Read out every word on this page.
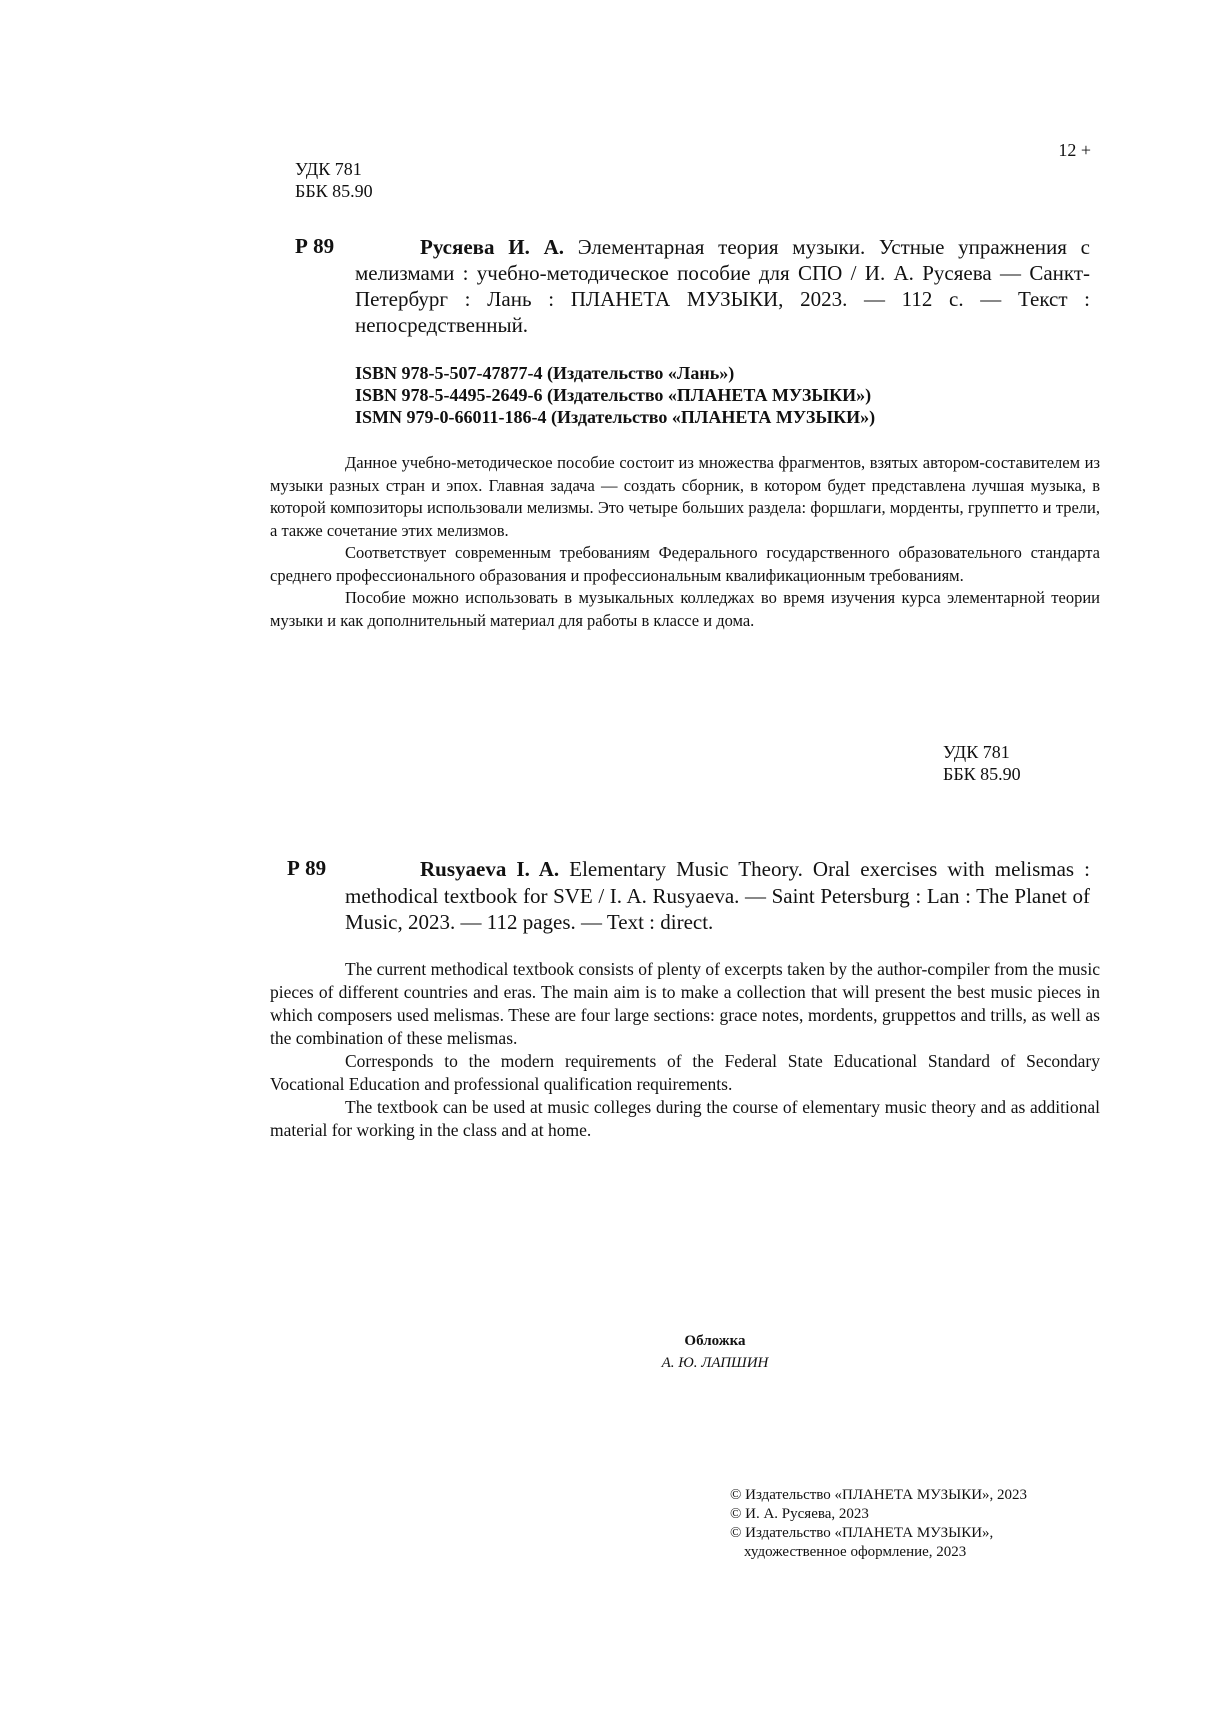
12 +
УДК 781
ББК 85.90
Р 89	Русяева И. А. Элементарная теория музыки. Устные упражнения с мелизмами : учебно-методическое пособие для СПО / И. А. Русяева — Санкт-Петербург : Лань : ПЛАНЕТА МУЗЫКИ, 2023. — 112 с. — Текст : непосредственный.
ISBN 978-5-507-47877-4 (Издательство «Лань»)
ISBN 978-5-4495-2649-6 (Издательство «ПЛАНЕТА МУЗЫКИ»)
ISMN 979-0-66011-186-4 (Издательство «ПЛАНЕТА МУЗЫКИ»)

Данное учебно-методическое пособие состоит из множества фрагментов, взятых автором-составителем из музыки разных стран и эпох. Главная задача — создать сборник, в котором будет представлена лучшая музыка, в которой композиторы использовали мелизмы. Это четыре больших раздела: форшлаги, морденты, группетто и трели, а также сочетание этих мелизмов.

Соответствует современным требованиям Федерального государственного образовательного стандарта среднего профессионального образования и профессиональным квалификационным требованиям.

Пособие можно использовать в музыкальных колледжах во время изучения курса элементарной теории музыки и как дополнительный материал для работы в классе и дома.

УДК 781
ББК 85.90
Р 89	Rusyaeva I. A. Elementary Music Theory. Oral exercises with melismas : methodical textbook for SVE / I. A. Rusyaeva. — Saint Petersburg : Lan : The Planet of Music, 2023. — 112 pages. — Text : direct.

The current methodical textbook consists of plenty of excerpts taken by the author-compiler from the music pieces of different countries and eras. The main aim is to make a collection that will present the best music pieces in which composers used melismas. These are four large sections: grace notes, mordents, gruppettos and trills, as well as the combination of these melismas.

Corresponds to the modern requirements of the Federal State Educational Standard of Secondary Vocational Education and professional qualification requirements.

The textbook can be used at music colleges during the course of elementary music theory and as additional material for working in the class and at home.

Обложка
А. Ю. ЛАПШИН
© Издательство «ПЛАНЕТА МУЗЫКИ», 2023
© И. А. Русяева, 2023
© Издательство «ПЛАНЕТА МУЗЫКИ»,
художественное оформление, 2023
